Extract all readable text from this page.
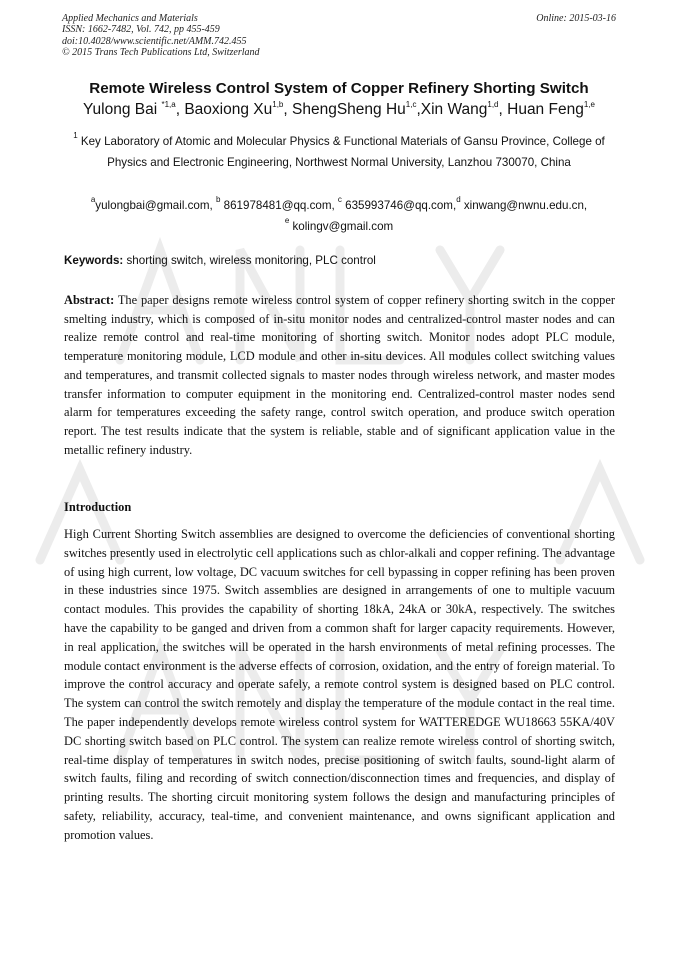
Applied Mechanics and Materials
ISSN: 1662-7482, Vol. 742, pp 455-459
doi:10.4028/www.scientific.net/AMM.742.455
© 2015 Trans Tech Publications Ltd, Switzerland
Online: 2015-03-16
Remote Wireless Control System of Copper Refinery Shorting Switch
Yulong Bai $^{*1,a}$, Baoxiong Xu$^{1,b}$, ShengSheng Hu$^{1,c}$,Xin Wang$^{1,d}$, Huan Feng$^{1,e}$
$^1$ Key Laboratory of Atomic and Molecular Physics & Functional Materials of Gansu Province, College of Physics and Electronic Engineering, Northwest Normal University, Lanzhou 730070, China
$^a$yulongbai@gmail.com, $^b$ 861978481@qq.com, $^c$ 635993746@qq.com,$^d$ xinwang@nwnu.edu.cn,
$^e$ kolingv@gmail.com
Keywords: shorting switch, wireless monitoring, PLC control
Abstract: The paper designs remote wireless control system of copper refinery shorting switch in the copper smelting industry, which is composed of in-situ monitor nodes and centralized-control master nodes and can realize remote control and real-time monitoring of shorting switch. Monitor nodes adopt PLC module, temperature monitoring module, LCD module and other in-situ devices. All modules collect switching values and temperatures, and transmit collected signals to master nodes through wireless network, and master modes transfer information to computer equipment in the monitoring end. Centralized-control master nodes send alarm for temperatures exceeding the safety range, control switch operation, and produce switch operation report. The test results indicate that the system is reliable, stable and of significant application value in the metallic refinery industry.
Introduction
High Current Shorting Switch assemblies are designed to overcome the deficiencies of conventional shorting switches presently used in electrolytic cell applications such as chlor-alkali and copper refining. The advantage of using high current, low voltage, DC vacuum switches for cell bypassing in copper refining has been proven in these industries since 1975. Switch assemblies are designed in arrangements of one to multiple vacuum contact modules. This provides the capability of shorting 18kA, 24kA or 30kA, respectively. The switches have the capability to be ganged and driven from a common shaft for larger capacity requirements. However, in real application, the switches will be operated in the harsh environments of metal refining processes. The module contact environment is the adverse effects of corrosion, oxidation, and the entry of foreign material. To improve the control accuracy and operate safely, a remote control system is designed based on PLC control. The system can control the switch remotely and display the temperature of the module contact in the real time. The paper independently develops remote wireless control system for WATTEREDGE WU18663 55KA/40V DC shorting switch based on PLC control. The system can realize remote wireless control of shorting switch, real-time display of temperatures in switch nodes, precise positioning of switch faults, sound-light alarm of switch faults, filing and recording of switch connection/disconnection times and frequencies, and display of printing results. The shorting circuit monitoring system follows the design and manufacturing principles of safety, reliability, accuracy, teal-time, and convenient maintenance, and owns significant application and promotion values.
